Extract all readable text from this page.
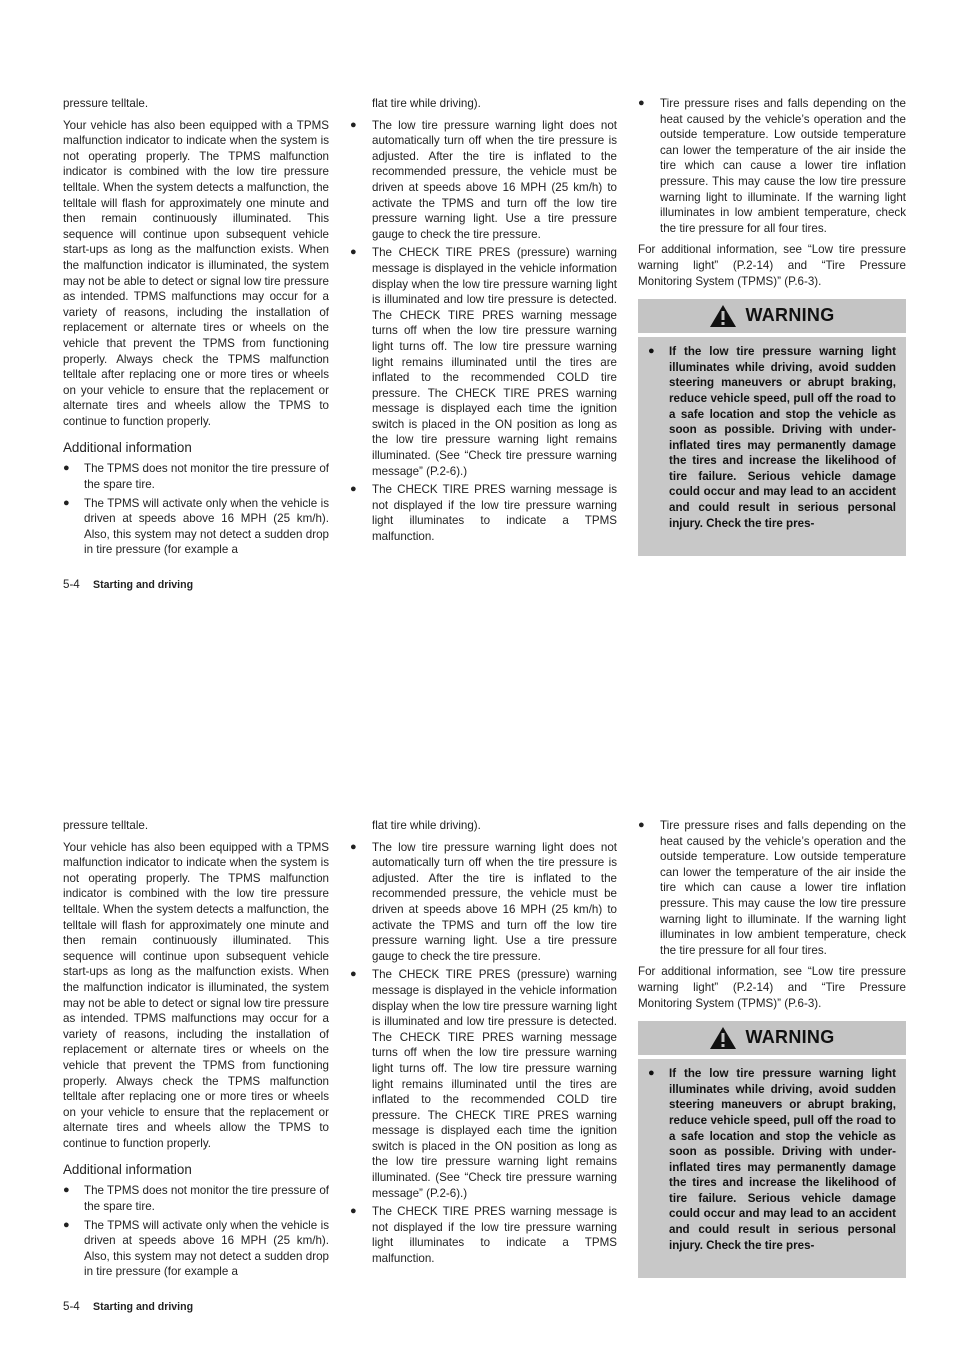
pressure telltale.

Your vehicle has also been equipped with a TPMS malfunction indicator to indicate when the system is not operating properly. The TPMS malfunction indicator is combined with the low tire pressure telltale. When the system detects a malfunction, the telltale will flash for approximately one minute and then remain continuously illuminated. This sequence will continue upon subsequent vehicle start-ups as long as the malfunction exists. When the malfunction indicator is illuminated, the system may not be able to detect or signal low tire pressure as intended. TPMS malfunctions may occur for a variety of reasons, including the installation of replacement or alternate tires or wheels on the vehicle that prevent the TPMS from functioning properly. Always check the TPMS malfunction telltale after replacing one or more tires or wheels on your vehicle to ensure that the replacement or alternate tires and wheels allow the TPMS to continue to function properly.

Additional information
● The TPMS does not monitor the tire pressure of the spare tire.
● The TPMS will activate only when the vehicle is driven at speeds above 16 MPH (25 km/h). Also, this system may not detect a sudden drop in tire pressure (for example a

flat tire while driving).

● The low tire pressure warning light does not automatically turn off when the tire pressure is adjusted. After the tire is inflated to the recommended pressure, the vehicle must be driven at speeds above 16 MPH (25 km/h) to activate the TPMS and turn off the low tire pressure warning light. Use a tire pressure gauge to check the tire pressure.
● The CHECK TIRE PRES (pressure) warning message is displayed in the vehicle information display when the low tire pressure warning light is illuminated and low tire pressure is detected. The CHECK TIRE PRES warning message turns off when the low tire pressure warning light turns off. The low tire pressure warning light remains illuminated until the tires are inflated to the recommended COLD tire pressure. The CHECK TIRE PRES warning message is displayed each time the ignition switch is placed in the ON position as long as the low tire pressure warning light remains illuminated. (See “Check tire pressure warning message” (P.2-6).)
● The CHECK TIRE PRES warning message is not displayed if the low tire pressure warning light illuminates to indicate a TPMS malfunction.
● Tire pressure rises and falls depending on the heat caused by the vehicle’s operation and the outside temperature. Low outside temperature can lower the temperature of the air inside the tire which can cause a lower tire inflation pressure. This may cause the low tire pressure warning light to illuminate. If the warning light illuminates in low ambient temperature, check the tire pressure for all four tires.

For additional information, see “Low tire pressure warning light” (P.2-14) and “Tire Pressure Monitoring System (TPMS)” (P.6-3).

WARNING
● If the low tire pressure warning light illuminates while driving, avoid sudden steering maneuvers or abrupt braking, reduce vehicle speed, pull off the road to a safe location and stop the vehicle as soon as possible. Driving with under-inflated tires may permanently damage the tires and increase the likelihood of tire failure. Serious vehicle damage could occur and may lead to an accident and could result in serious personal injury. Check the tire pres-
5-4 Starting and driving

pressure telltale.

Your vehicle has also been equipped with a TPMS malfunction indicator to indicate when the system is not operating properly. The TPMS malfunction indicator is combined with the low tire pressure telltale. When the system detects a malfunction, the telltale will flash for approximately one minute and then remain continuously illuminated. This sequence will continue upon subsequent vehicle start-ups as long as the malfunction exists. When the malfunction indicator is illuminated, the system may not be able to detect or signal low tire pressure as intended. TPMS malfunctions may occur for a variety of reasons, including the installation of replacement or alternate tires or wheels on the vehicle that prevent the TPMS from functioning properly. Always check the TPMS malfunction telltale after replacing one or more tires or wheels on your vehicle to ensure that the replacement or alternate tires and wheels allow the TPMS to continue to function properly.

Additional information
● The TPMS does not monitor the tire pressure of the spare tire.
● The TPMS will activate only when the vehicle is driven at speeds above 16 MPH (25 km/h). Also, this system may not detect a sudden drop in tire pressure (for example a

flat tire while driving).

● The low tire pressure warning light does not automatically turn off when the tire pressure is adjusted. After the tire is inflated to the recommended pressure, the vehicle must be driven at speeds above 16 MPH (25 km/h) to activate the TPMS and turn off the low tire pressure warning light. Use a tire pressure gauge to check the tire pressure.
● The CHECK TIRE PRES (pressure) warning message is displayed in the vehicle information display when the low tire pressure warning light is illuminated and low tire pressure is detected. The CHECK TIRE PRES warning message turns off when the low tire pressure warning light turns off. The low tire pressure warning light remains illuminated until the tires are inflated to the recommended COLD tire pressure. The CHECK TIRE PRES warning message is displayed each time the ignition switch is placed in the ON position as long as the low tire pressure warning light remains illuminated. (See “Check tire pressure warning message” (P.2-6).)
● The CHECK TIRE PRES warning message is not displayed if the low tire pressure warning light illuminates to indicate a TPMS malfunction.
● Tire pressure rises and falls depending on the heat caused by the vehicle’s operation and the outside temperature. Low outside temperature can lower the temperature of the air inside the tire which can cause a lower tire inflation pressure. This may cause the low tire pressure warning light to illuminate. If the warning light illuminates in low ambient temperature, check the tire pressure for all four tires.

For additional information, see “Low tire pressure warning light” (P.2-14) and “Tire Pressure Monitoring System (TPMS)” (P.6-3).

WARNING
● If the low tire pressure warning light illuminates while driving, avoid sudden steering maneuvers or abrupt braking, reduce vehicle speed, pull off the road to a safe location and stop the vehicle as soon as possible. Driving with under-inflated tires may permanently damage the tires and increase the likelihood of tire failure. Serious vehicle damage could occur and may lead to an accident and could result in serious personal injury. Check the tire pres-
5-4 Starting and driving
